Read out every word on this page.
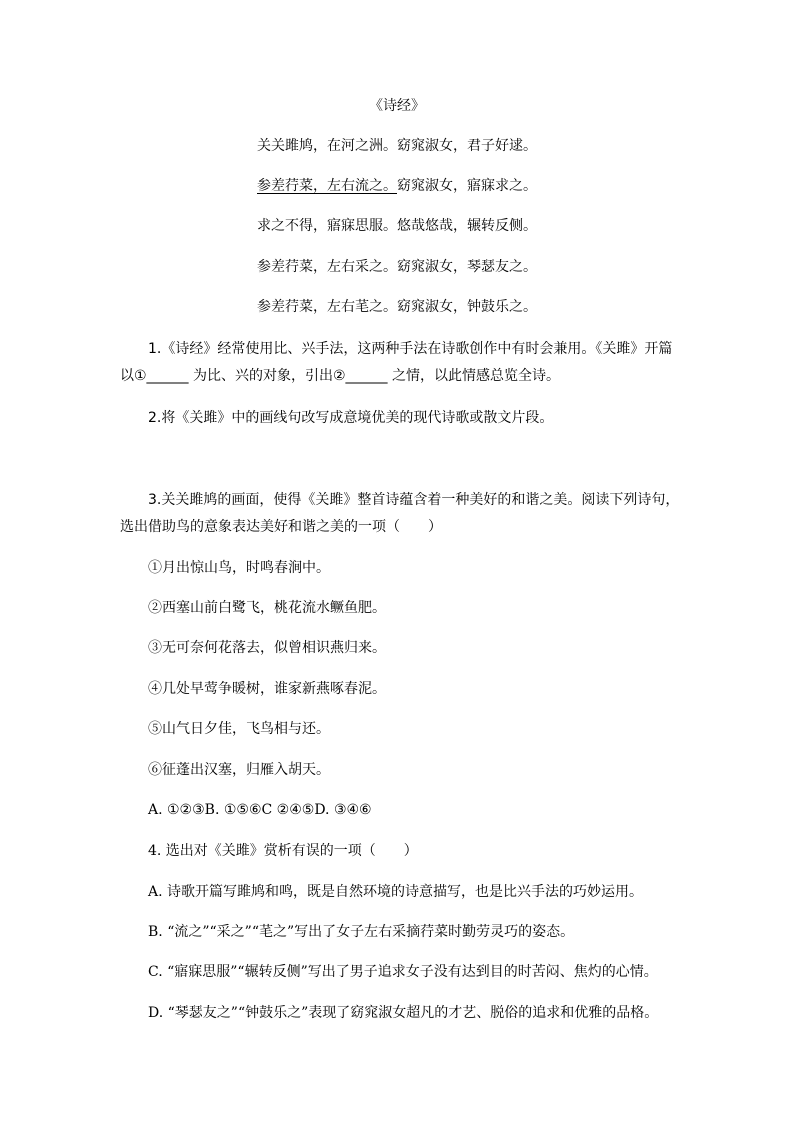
《诗经》
关关雎鸠，在河之洲。窈窕淑女，君子好逑。
参差荇菜，左右流之。窈窕淑女，寤寐求之。
求之不得，寤寐思服。悠哉悠哉，辗转反侧。
参差荇菜，左右采之。窈窕淑女，琴瑟友之。
参差荇菜，左右芼之。窈窕淑女，钟鼓乐之。
1.《诗经》经常使用比、兴手法，这两种手法在诗歌创作中有时会兼用。《关雎》开篇
以①______ 为比、兴的对象，引出②______ 之情，以此情感总览全诗。
2.将《关雎》中的画线句改写成意境优美的现代诗歌或散文片段。
3.关关雎鸠的画面，使得《关雎》整首诗蕴含着一种美好的和谐之美。阅读下列诗句，
选出借助鸟的意象表达美好和谐之美的一项（　　）
①月出惊山鸟，时鸣春涧中。
②西塞山前白鹭飞，桃花流水鳜鱼肥。
③无可奈何花落去，似曾相识燕归来。
④几处早莺争暖树，谁家新燕啄春泥。
⑤山气日夕佳，飞鸟相与还。
⑥征蓬出汉塞，归雁入胡天。
A. ①②③B. ①⑤⑥C ②④⑤D. ③④⑥
4. 选出对《关雎》赏析有误的一项（　　）
A. 诗歌开篇写雎鸠和鸣，既是自然环境的诗意描写，也是比兴手法的巧妙运用。
B. “流之”“采之”“芼之”写出了女子左右采摘荇菜时勤劳灵巧的姿态。
C. “寤寐思服”“辗转反侧”写出了男子追求女子没有达到目的时苦闷、焦灼的心情。
D. “琴瑟友之”“钟鼓乐之”表现了窈窕淑女超凡的才艺、脱俗的追求和优雅的品格。
